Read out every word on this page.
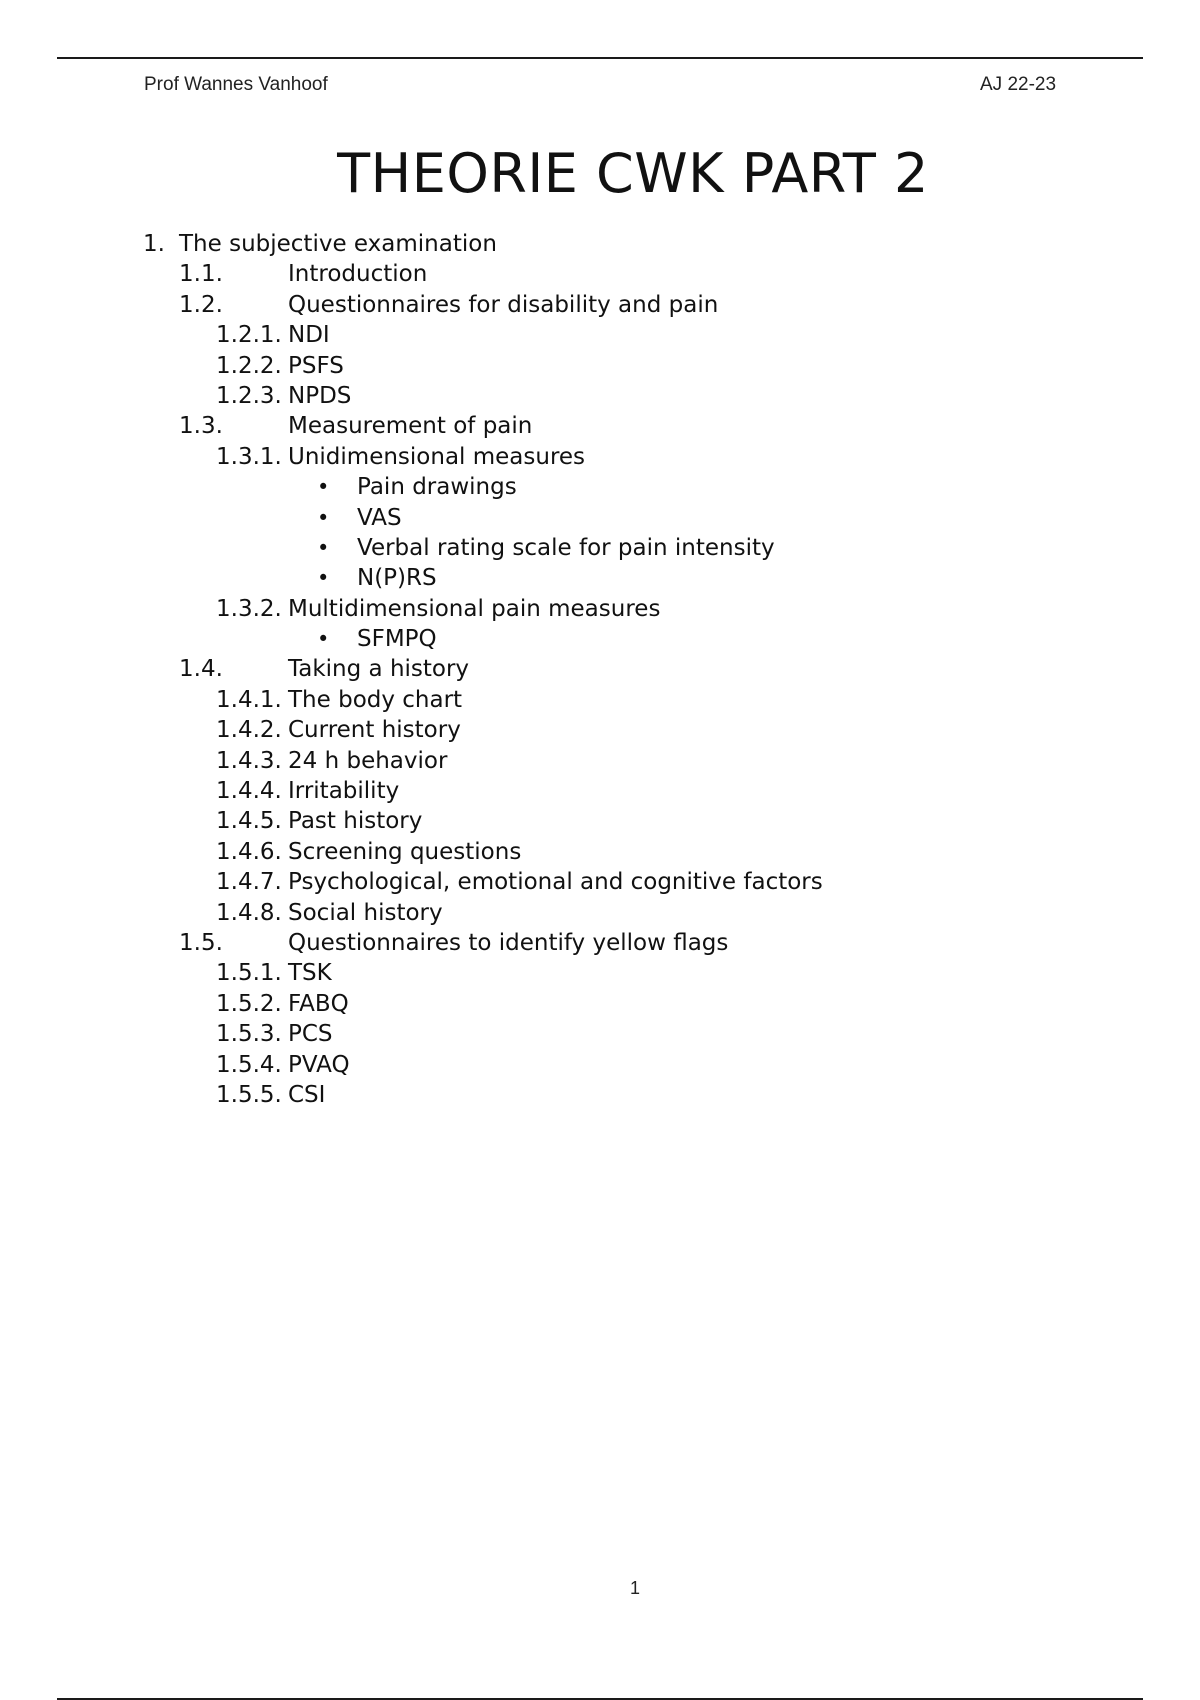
Prof Wannes Vanhoof	AJ 22-23
THEORIE CWK PART 2
1. The subjective examination
1.1.	Introduction
1.2.	Questionnaires for disability and pain
1.2.1. NDI
1.2.2. PSFS
1.2.3. NPDS
1.3.	Measurement of pain
1.3.1. Unidimensional measures
• Pain drawings
• VAS
• Verbal rating scale for pain intensity
• N(P)RS
1.3.2. Multidimensional pain measures
• SFMPQ
1.4.	Taking a history
1.4.1. The body chart
1.4.2. Current history
1.4.3. 24 h behavior
1.4.4. Irritability
1.4.5. Past history
1.4.6. Screening questions
1.4.7. Psychological, emotional and cognitive factors
1.4.8. Social history
1.5.	Questionnaires to identify yellow flags
1.5.1. TSK
1.5.2. FABQ
1.5.3. PCS
1.5.4. PVAQ
1.5.5. CSI
1
